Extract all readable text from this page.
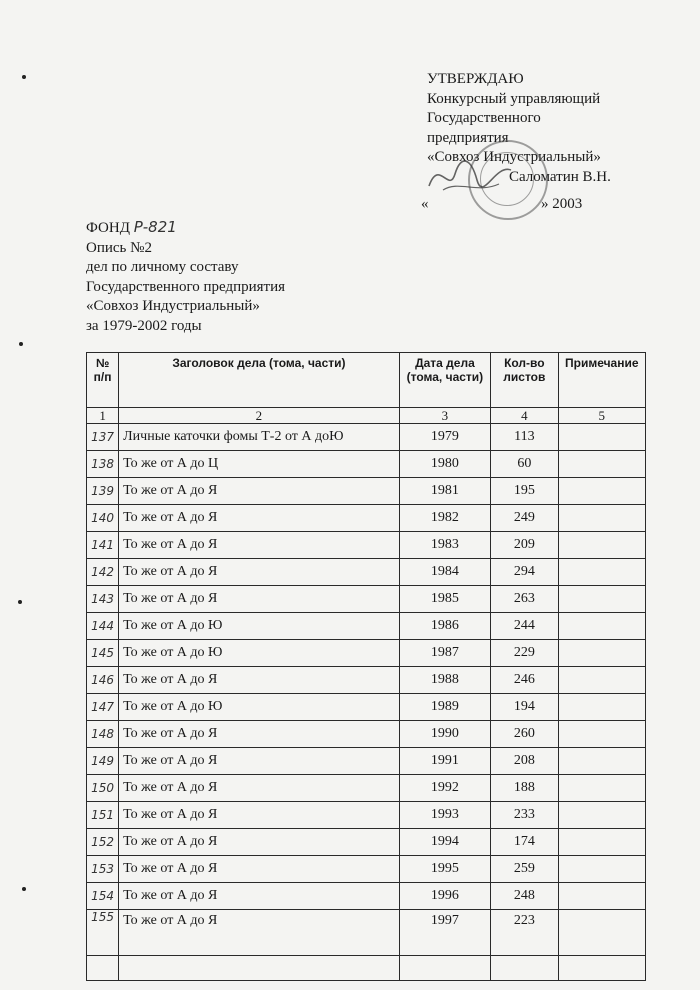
УТВЕРЖДАЮ
Конкурсный управляющий
Государственного
предприятия
«Совхоз Индустриальный»
Саломатин В.Н.
«	» 2003
ФОНД Р-821
Опись №2
дел по личному составу
Государственного предприятия
«Совхоз Индустриальный»
за 1979-2002 годы
№ п/п	Заголовок дела (тома, части)	Дата дела (тома, части)	Кол-во листов	Примечание
1	2	3	4	5
137	Личные каточки фомы Т-2 от А доЮ	1979	113	
138	То же от А до Ц	1980	60	
139	То же от А до Я	1981	195	
140	То же от А до Я	1982	249	
141	То же от А до Я	1983	209	
142	То же от А до Я	1984	294	
143	То же от А до Я	1985	263	
144	То же от А до Ю	1986	244	
145	То же от А до Ю	1987	229	
146	То же от А до Я	1988	246	
147	То же от А до Ю	1989	194	
148	То же от А до Я	1990	260	
149	То же от А до Я	1991	208	
150	То же от А до Я	1992	188	
151	То же от А до Я	1993	233	
152	То же от А до Я	1994	174	
153	То же от А до Я	1995	259	
154	То же от А до Я	1996	248	
155	То же от А до Я	1997	223	
